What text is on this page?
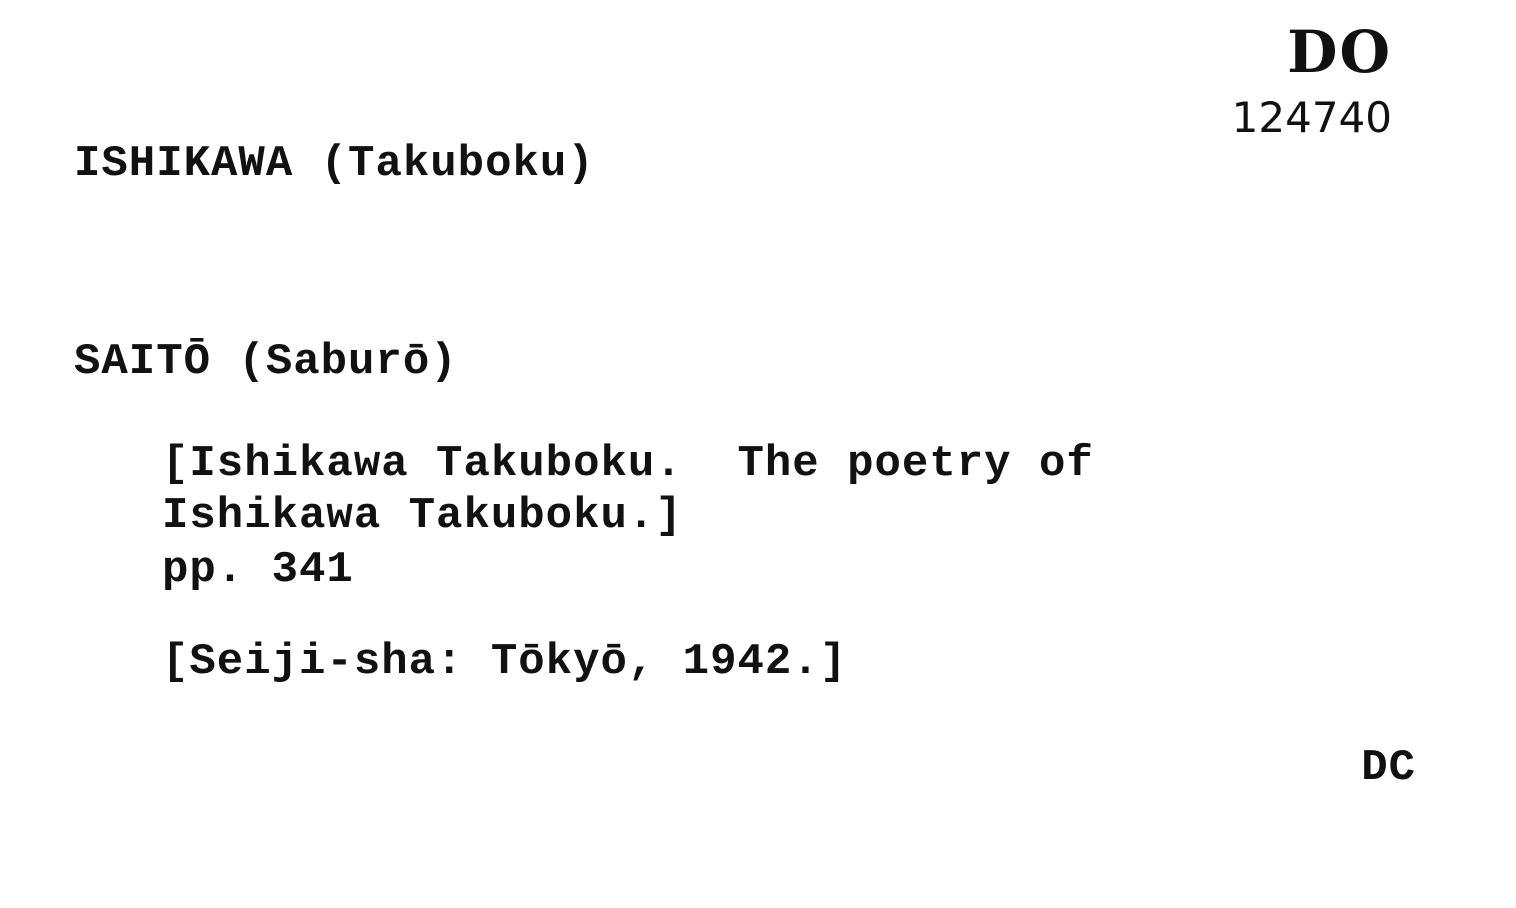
DO
124740
ISHIKAWA (Takuboku)
SAITŌ (Saburō)
[Ishikawa Takuboku.  The poetry of
Ishikawa Takuboku.]
pp. 341
[Seiji-sha: Tōkyō, 1942.]
DC
